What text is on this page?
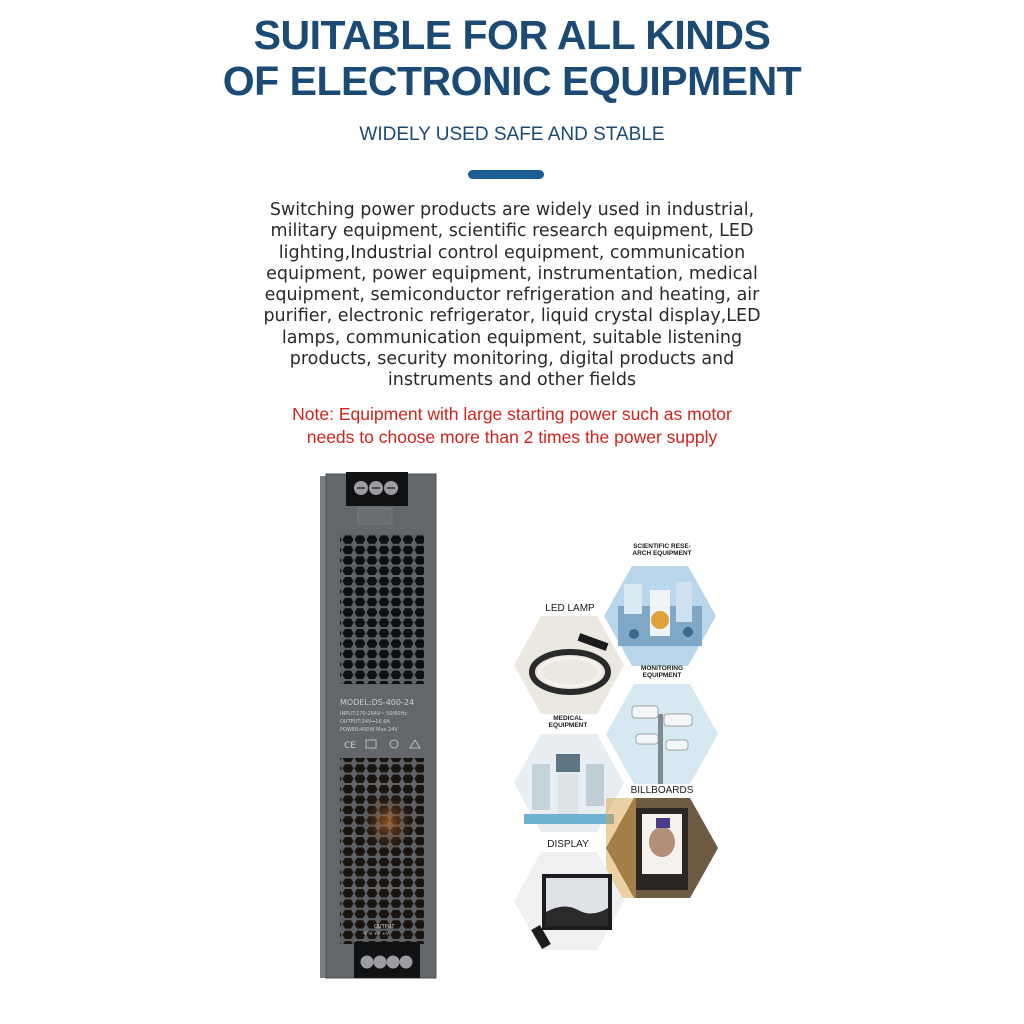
SUITABLE FOR ALL KINDS
OF ELECTRONIC EQUIPMENT
WIDELY USED SAFE AND STABLE
Switching power products are widely used in industrial, military equipment, scientific research equipment, LED lighting,Industrial control equipment, communication equipment, power equipment, instrumentation, medical equipment, semiconductor refrigeration and heating, air purifier, electronic refrigerator, liquid crystal display,LED lamps, communication equipment, suitable listening products, security monitoring, digital products and instruments and other fields
Note: Equipment with large starting power such as motor needs to choose more than 2 times the power supply
CE
MODEL:DS-400-24
INPUT:170-264V~ 50/60Hz
OUTPUT:24V⎓16.6A
POWER:400W Max 24V
OUTPUT
-V -V +V +V
SCIENTIFIC RESE-
ARCH EQUIPMENT
LED LAMP
MONITORING
EQUIPMENT
MEDICAL
EQUIPMENT
BILLBOARDS
DISPLAY
